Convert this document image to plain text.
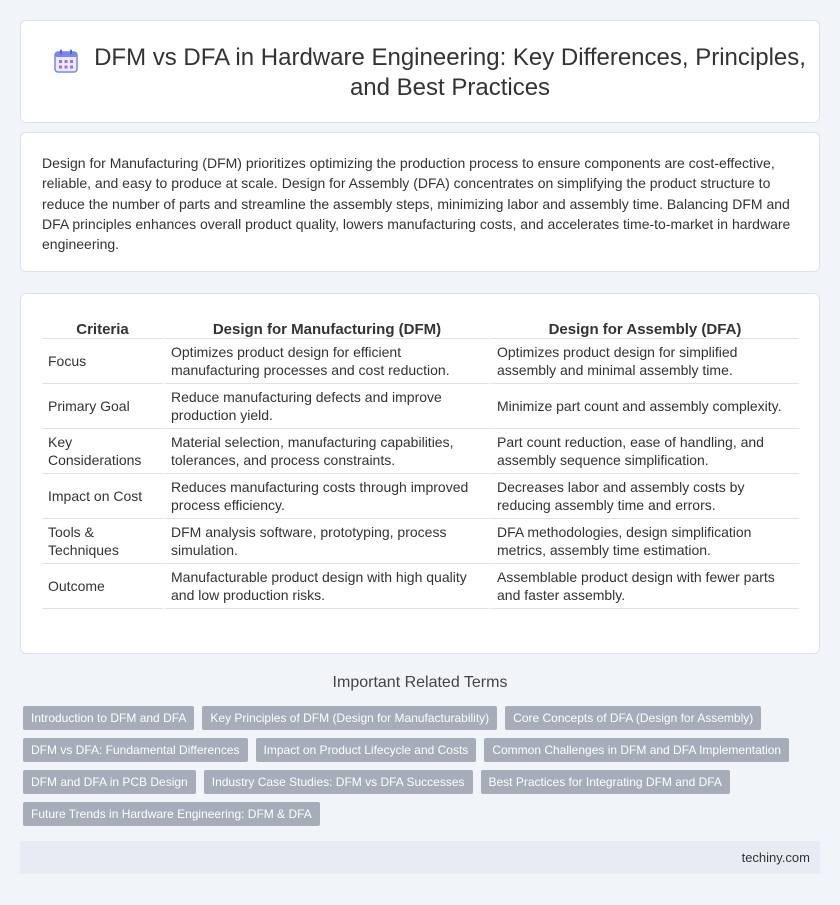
DFM vs DFA in Hardware Engineering: Key Differences, Principles, and Best Practices

Design for Manufacturing (DFM) prioritizes optimizing the production process to ensure components are cost-effective, reliable, and easy to produce at scale. Design for Assembly (DFA) concentrates on simplifying the product structure to reduce the number of parts and streamline the assembly steps, minimizing labor and assembly time. Balancing DFM and DFA principles enhances overall product quality, lowers manufacturing costs, and accelerates time-to-market in hardware engineering.

Criteria	Design for Manufacturing (DFM)	Design for Assembly (DFA)
Focus	Optimizes product design for efficient manufacturing processes and cost reduction.	Optimizes product design for simplified assembly and minimal assembly time.
Primary Goal	Reduce manufacturing defects and improve production yield.	Minimize part count and assembly complexity.
Key Considerations	Material selection, manufacturing capabilities, tolerances, and process constraints.	Part count reduction, ease of handling, and assembly sequence simplification.
Impact on Cost	Reduces manufacturing costs through improved process efficiency.	Decreases labor and assembly costs by reducing assembly time and errors.
Tools & Techniques	DFM analysis software, prototyping, process simulation.	DFA methodologies, design simplification metrics, assembly time estimation.
Outcome	Manufacturable product design with high quality and low production risks.	Assemblable product design with fewer parts and faster assembly.
Important Related Terms
Introduction to DFM and DFA	Key Principles of DFM (Design for Manufacturability)	Core Concepts of DFA (Design for Assembly)
DFM vs DFA: Fundamental Differences	Impact on Product Lifecycle and Costs	Common Challenges in DFM and DFA Implementation
DFM and DFA in PCB Design	Industry Case Studies: DFM vs DFA Successes	Best Practices for Integrating DFM and DFA
Future Trends in Hardware Engineering: DFM & DFA
techiny.com
